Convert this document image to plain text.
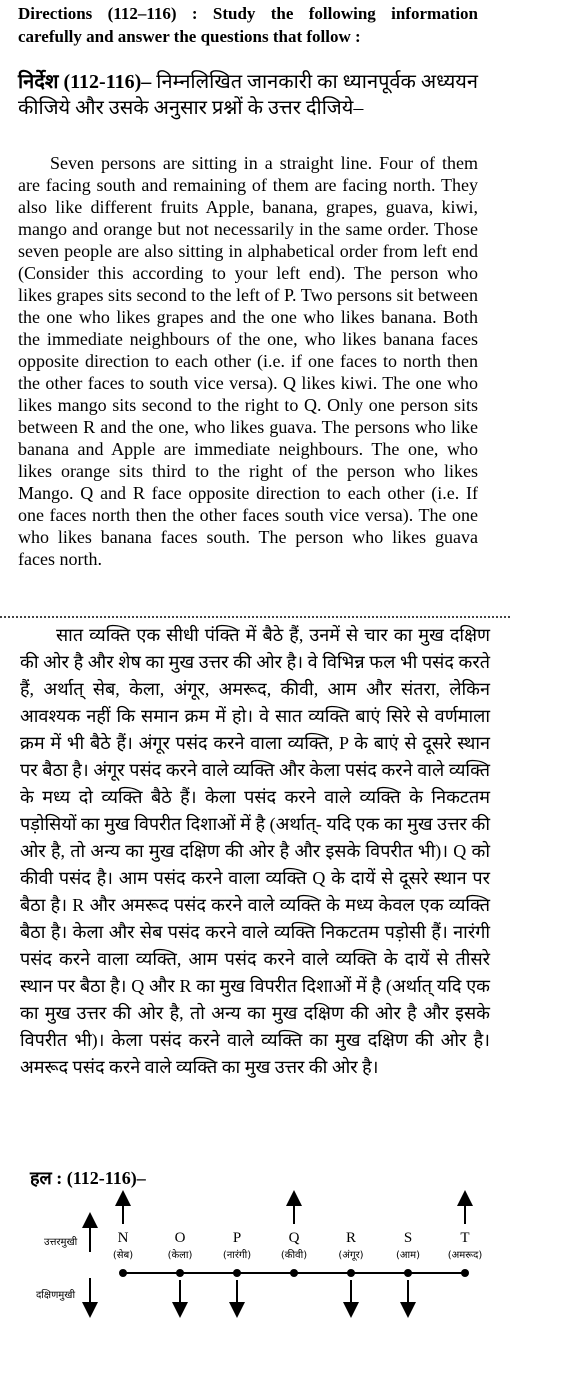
Directions (112–116) : Study the following information carefully and answer the questions that follow :
निर्देश (112-116)– निम्नलिखित जानकारी का ध्यानपूर्वक अध्ययन कीजिये और उसके अनुसार प्रश्नों के उत्तर दीजिये–
Seven persons are sitting in a straight line. Four of them are facing south and remaining of them are facing north. They also like different fruits Apple, banana, grapes, guava, kiwi, mango and orange but not necessarily in the same order. Those seven people are also sitting in alphabetical order from left end (Consider this according to your left end). The person who likes grapes sits second to the left of P. Two persons sit between the one who likes grapes and the one who likes banana. Both the immediate neighbours of the one, who likes banana faces opposite direction to each other (i.e. if one faces to north then the other faces to south vice versa). Q likes kiwi. The one who likes mango sits second to the right to Q. Only one person sits between R and the one, who likes guava. The persons who like banana and Apple are immediate neighbours. The one, who likes orange sits third to the right of the person who likes Mango. Q and R face opposite direction to each other (i.e. If one faces north then the other faces south vice versa). The one who likes banana faces south. The person who likes guava faces north.
सात व्यक्ति एक सीधी पंक्ति में बैठे हैं, उनमें से चार का मुख दक्षिण की ओर है और शेष का मुख उत्तर की ओर है। वे विभिन्न फल भी पसंद करते हैं, अर्थात् सेब, केला, अंगूर, अमरूद, कीवी, आम और संतरा, लेकिन आवश्यक नहीं कि समान क्रम में हो। वे सात व्यक्ति बाएं सिरे से वर्णमाला क्रम में भी बैठे हैं। अंगूर पसंद करने वाला व्यक्ति, P के बाएं से दूसरे स्थान पर बैठा है। अंगूर पसंद करने वाले व्यक्ति और केला पसंद करने वाले व्यक्ति के मध्य दो व्यक्ति बैठे हैं। केला पसंद करने वाले व्यक्ति के निकटतम पड़ोसियों का मुख विपरीत दिशाओं में है (अर्थात्- यदि एक का मुख उत्तर की ओर है, तो अन्य का मुख दक्षिण की ओर है और इसके विपरीत भी)। Q को कीवी पसंद है। आम पसंद करने वाला व्यक्ति Q के दायें से दूसरे स्थान पर बैठा है। R और अमरूद पसंद करने वाले व्यक्ति के मध्य केवल एक व्यक्ति बैठा है। केला और सेब पसंद करने वाले व्यक्ति निकटतम पड़ोसी हैं। नारंगी पसंद करने वाला व्यक्ति, आम पसंद करने वाले व्यक्ति के दायें से तीसरे स्थान पर बैठा है। Q और R का मुख विपरीत दिशाओं में है (अर्थात् यदि एक का मुख उत्तर की ओर है, तो अन्य का मुख दक्षिण की ओर है और इसके विपरीत भी)। केला पसंद करने वाले व्यक्ति का मुख दक्षिण की ओर है। अमरूद पसंद करने वाले व्यक्ति का मुख उत्तर की ओर है।
हल : (112-116)–
उत्तरमुखी
दक्षिणमुखी
N
(सेब)
O
(केला)
P
(नारंगी)
Q
(कीवी)
R
(अंगूर)
S
(आम)
T
(अमरूद)
